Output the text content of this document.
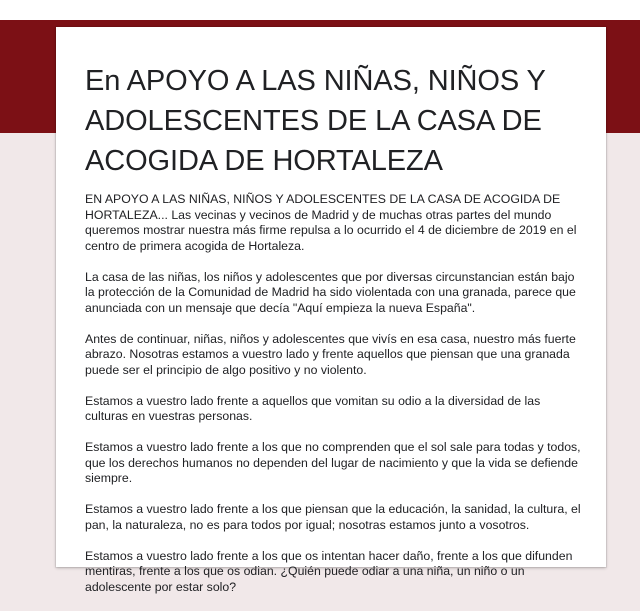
En APOYO A LAS NIÑAS, NIÑOS Y ADOLESCENTES DE LA CASA DE ACOGIDA DE HORTALEZA

EN APOYO A LAS NIÑAS, NIÑOS Y ADOLESCENTES DE LA CASA DE ACOGIDA DE HORTALEZA... Las vecinas y vecinos de Madrid y de muchas otras partes del mundo queremos mostrar nuestra más firme repulsa a lo ocurrido el 4 de diciembre de 2019 en el centro de primera acogida de Hortaleza.

La casa de las niñas, los niños y adolescentes que por diversas circunstancian están bajo la protección de la Comunidad de Madrid ha sido violentada con una granada, parece que anunciada con un mensaje que decía "Aquí empieza la nueva España".

Antes de continuar, niñas, niños y adolescentes que vivís en esa casa, nuestro más fuerte abrazo. Nosotras estamos a vuestro lado y frente aquellos que piensan que una granada puede ser el principio de algo positivo y no violento.

Estamos a vuestro lado frente a aquellos que vomitan su odio a la diversidad de las culturas en vuestras personas.

Estamos a vuestro lado frente a los que no comprenden que el sol sale para todas y todos, que los derechos humanos no dependen del lugar de nacimiento y que la vida se defiende siempre.

Estamos a vuestro lado frente a los que piensan que la educación, la sanidad, la cultura, el pan, la naturaleza, no es para todos por igual; nosotras estamos junto a vosotros.

Estamos a vuestro lado frente a los que os intentan hacer daño, frente a los que difunden mentiras, frente a los que os odian. ¿Quién puede odiar a una niña, un niño o un adolescente por estar solo?
